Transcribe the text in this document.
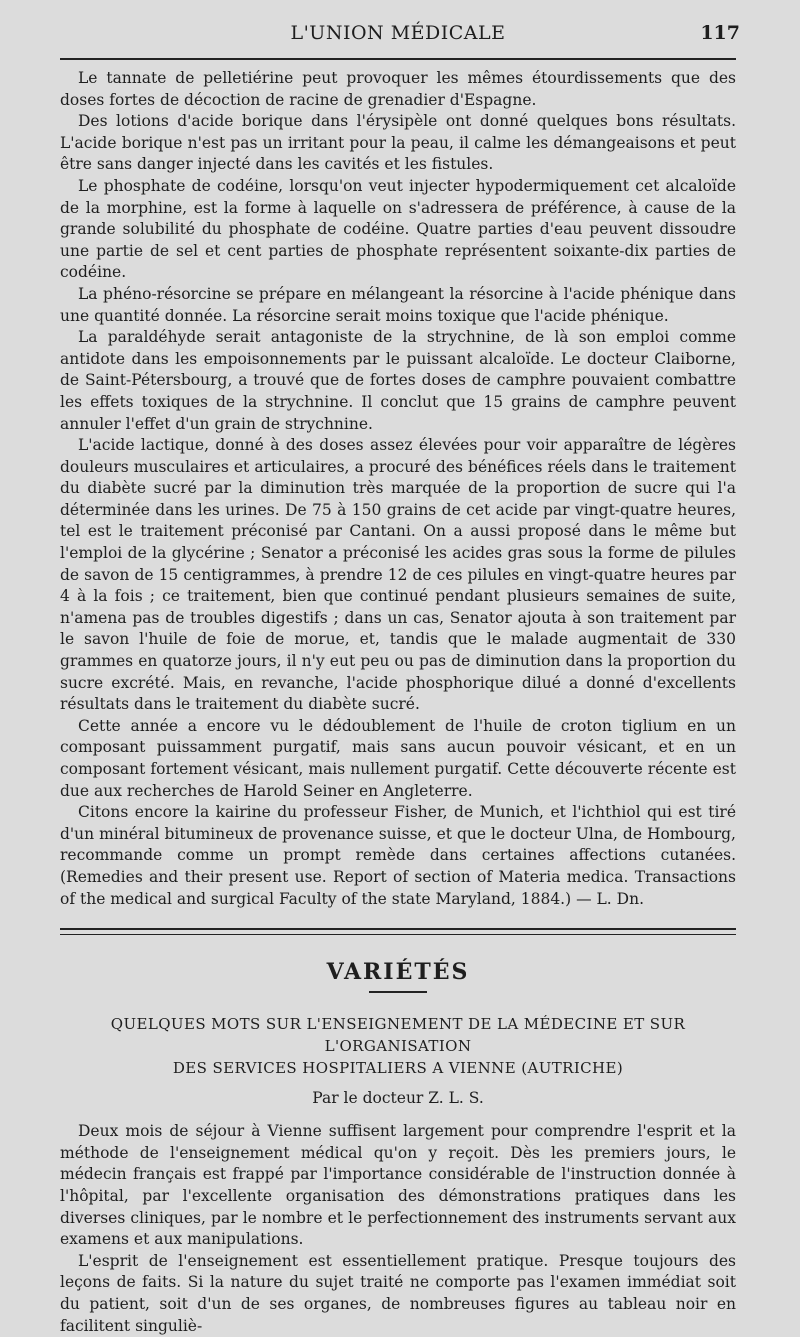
L'UNION MÉDICALE	117

Le tannate de pelletiérine peut provoquer les mêmes étourdissements que des doses fortes de décoction de racine de grenadier d'Espagne.

Des lotions d'acide borique dans l'érysipèle ont donné quelques bons résultats. L'acide borique n'est pas un irritant pour la peau, il calme les démangeaisons et peut être sans danger injecté dans les cavités et les fistules.

Le phosphate de codéine, lorsqu'on veut injecter hypodermiquement cet alcaloïde de la morphine, est la forme à laquelle on s'adressera de préférence, à cause de la grande solubilité du phosphate de codéine. Quatre parties d'eau peuvent dissoudre une partie de sel et cent parties de phosphate représentent soixante-dix parties de codéine.

La phéno-résorcine se prépare en mélangeant la résorcine à l'acide phénique dans une quantité donnée. La résorcine serait moins toxique que l'acide phénique.

La paraldéhyde serait antagoniste de la strychnine, de là son emploi comme antidote dans les empoisonnements par le puissant alcaloïde. Le docteur Claiborne, de Saint-Pétersbourg, a trouvé que de fortes doses de camphre pouvaient combattre les effets toxiques de la strychnine. Il conclut que 15 grains de camphre peuvent annuler l'effet d'un grain de strychnine.

L'acide lactique, donné à des doses assez élevées pour voir apparaître de légères douleurs musculaires et articulaires, a procuré des bénéfices réels dans le traitement du diabète sucré par la diminution très marquée de la proportion de sucre qui l'a déterminée dans les urines. De 75 à 150 grains de cet acide par vingt-quatre heures, tel est le traitement préconisé par Cantani. On a aussi proposé dans le même but l'emploi de la glycérine ; Senator a préconisé les acides gras sous la forme de pilules de savon de 15 centigrammes, à prendre 12 de ces pilules en vingt-quatre heures par 4 à la fois ; ce traitement, bien que continué pendant plusieurs semaines de suite, n'amena pas de troubles digestifs ; dans un cas, Senator ajouta à son traitement par le savon l'huile de foie de morue, et, tandis que le malade augmentait de 330 grammes en quatorze jours, il n'y eut peu ou pas de diminution dans la proportion du sucre excrété. Mais, en revanche, l'acide phosphorique dilué a donné d'excellents résultats dans le traitement du diabète sucré.

Cette année a encore vu le dédoublement de l'huile de croton tiglium en un composant puissamment purgatif, mais sans aucun pouvoir vésicant, et en un composant fortement vésicant, mais nullement purgatif. Cette découverte récente est due aux recherches de Harold Seiner en Angleterre.

Citons encore la kairine du professeur Fisher, de Munich, et l'ichthiol qui est tiré d'un minéral bitumineux de provenance suisse, et que le docteur Ulna, de Hombourg, recommande comme un prompt remède dans certaines affections cutanées. (Remedies and their present use. Report of section of Materia medica. Transactions of the medical and surgical Faculty of the state Maryland, 1884.) — L. Dn.

VARIÉTÉS
QUELQUES MOTS SUR L'ENSEIGNEMENT DE LA MÉDECINE ET SUR L'ORGANISATION
DES SERVICES HOSPITALIERS A VIENNE (AUTRICHE)
Par le docteur Z. L. S.

Deux mois de séjour à Vienne suffisent largement pour comprendre l'esprit et la méthode de l'enseignement médical qu'on y reçoit. Dès les premiers jours, le médecin français est frappé par l'importance considérable de l'instruction donnée à l'hôpital, par l'excellente organisation des démonstrations pratiques dans les diverses cliniques, par le nombre et le perfectionnement des instruments servant aux examens et aux manipulations.

L'esprit de l'enseignement est essentiellement pratique. Presque toujours des leçons de faits. Si la nature du sujet traité ne comporte pas l'examen immédiat soit du patient, soit d'un de ses organes, de nombreuses figures au tableau noir en facilitent singuliè-
